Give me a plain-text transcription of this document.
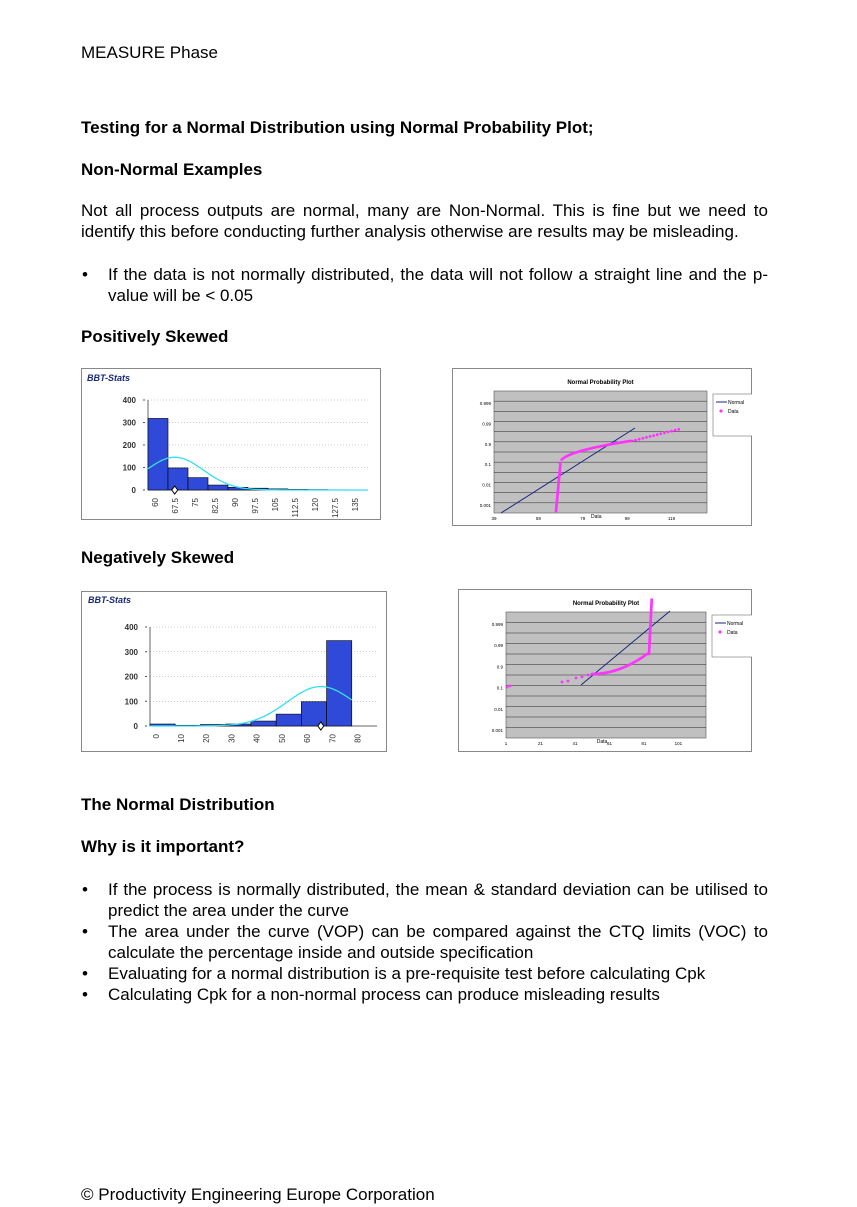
MEASURE Phase
Testing for a Normal Distribution using Normal Probability Plot;
Non-Normal Examples
Not all process outputs are normal, many are Non-Normal. This is fine but we need to identify this before conducting further analysis otherwise are results may be misleading.
• If the data is not normally distributed, the data will not follow a straight line and the p-value will be < 0.05
Positively Skewed
BBT-Stats
400
300
200
100
0
60 67.5 75 82.5 90 97.5 105 112.5 120 127.5 135
Normal Probability Plot
0.999
0.99
0.9
0.1
0.01
0.001
39	59	79	99	119
Data
Normal
Data
Negatively Skewed
BBT-Stats
400
300
200
100
0
0 10 20 30 40 50 60 70 80
Normal Probability Plot
0.999
0.99
0.9
0.1
0.01
0.001
1	21	41	61	81	101
Data
Normal
Data
The Normal Distribution
Why is it important?
• If the process is normally distributed, the mean & standard deviation can be utilised to predict the area under the curve
• The area under the curve (VOP) can be compared against the CTQ limits (VOC) to calculate the percentage inside and outside specification
• Evaluating for a normal distribution is a pre-requisite test before calculating Cpk
• Calculating Cpk for a non-normal process can produce misleading results
© Productivity Engineering Europe Corporation
